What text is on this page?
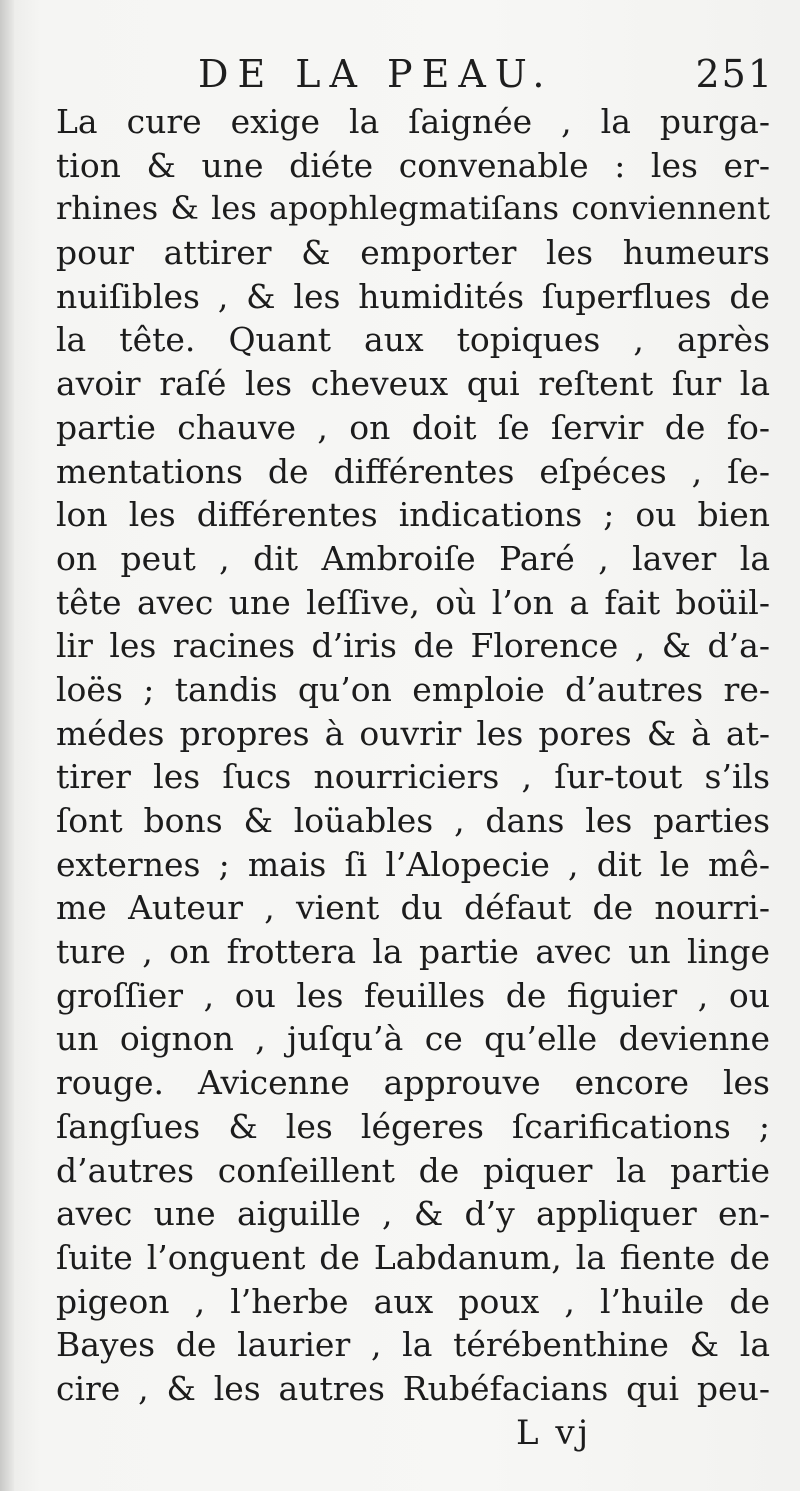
DE LA PEAU.	251
La cure exige la ſaignée , la purga-
tion & une diéte convenable : les er-
rhines & les apophlegmatiſans conviennent
pour attirer & emporter les humeurs
nuiſibles , & les humidités ſuperflues de
la tête. Quant aux topiques , après
avoir raſé les cheveux qui reſtent ſur la
partie chauve , on doit ſe ſervir de fo-
mentations de différentes eſpéces , ſe-
lon les différentes indications ; ou bien
on peut , dit Ambroiſe Paré , laver la
tête avec une leſſive, où l’on a fait boüil-
lir les racines d’iris de Florence , & d’a-
loës ; tandis qu’on emploie d’autres re-
médes propres à ouvrir les pores & à at-
tirer les ſucs nourriciers , ſur-tout s’ils
ſont bons & loüables , dans les parties
externes ; mais ſi l’Alopecie , dit le mê-
me Auteur , vient du défaut de nourri-
ture , on frottera la partie avec un linge
groſſier , ou les feuilles de figuier , ou
un oignon , juſqu’à ce qu’elle devienne
rouge. Avicenne approuve encore les
ſangſues & les légeres ſcarifications ;
d’autres conſeillent de piquer la partie
avec une aiguille , & d’y appliquer en-
ſuite l’onguent de Labdanum, la fiente de
pigeon , l’herbe aux poux , l’huile de
Bayes de laurier , la térébenthine & la
cire , & les autres Rubéfacians qui peu-
L vj
